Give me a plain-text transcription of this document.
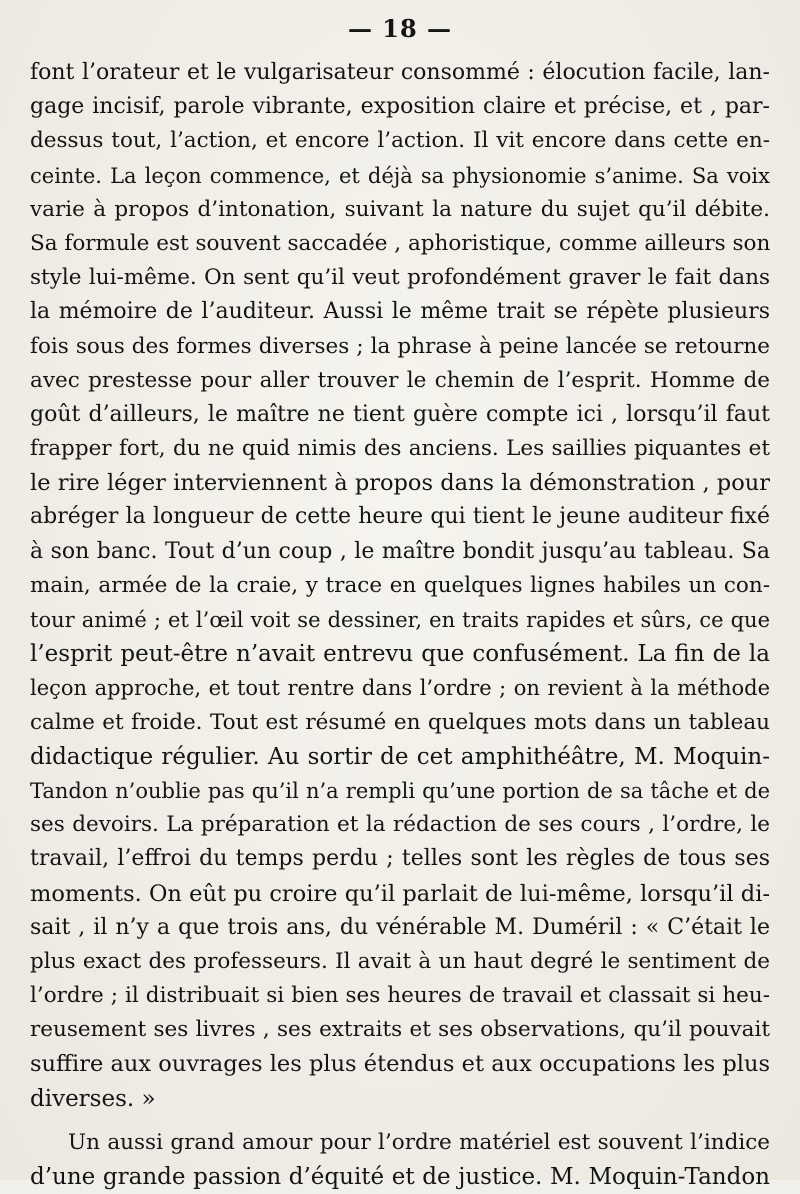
— 18 —
font l’orateur et le vulgarisateur consommé : élocution facile, lan-
gage incisif, parole vibrante, exposition claire et précise, et , par-
dessus tout, l’action, et encore l’action. Il vit encore dans cette en-
ceinte. La leçon commence, et déjà sa physionomie s’anime. Sa voix
varie à propos d’intonation, suivant la nature du sujet qu’il débite.
Sa formule est souvent saccadée , aphoristique, comme ailleurs son
style lui-même. On sent qu’il veut profondément graver le fait dans
la mémoire de l’auditeur. Aussi le même trait se répète plusieurs
fois sous des formes diverses ; la phrase à peine lancée se retourne
avec prestesse pour aller trouver le chemin de l’esprit. Homme de
goût d’ailleurs, le maître ne tient guère compte ici , lorsqu’il faut
frapper fort, du ne quid nimis des anciens. Les saillies piquantes et
le rire léger interviennent à propos dans la démonstration , pour
abréger la longueur de cette heure qui tient le jeune auditeur fixé
à son banc. Tout d’un coup , le maître bondit jusqu’au tableau. Sa
main, armée de la craie, y trace en quelques lignes habiles un con-
tour animé ; et l’œil voit se dessiner, en traits rapides et sûrs, ce que
l’esprit peut-être n’avait entrevu que confusément. La fin de la
leçon approche, et tout rentre dans l’ordre ; on revient à la méthode
calme et froide. Tout est résumé en quelques mots dans un tableau
didactique régulier. Au sortir de cet amphithéâtre, M. Moquin-
Tandon n’oublie pas qu’il n’a rempli qu’une portion de sa tâche et de
ses devoirs. La préparation et la rédaction de ses cours , l’ordre, le
travail, l’effroi du temps perdu ; telles sont les règles de tous ses
moments. On eût pu croire qu’il parlait de lui-même, lorsqu’il di-
sait , il n’y a que trois ans, du vénérable M. Duméril : « C’était le
plus exact des professeurs. Il avait à un haut degré le sentiment de
l’ordre ; il distribuait si bien ses heures de travail et classait si heu-
reusement ses livres , ses extraits et ses observations, qu’il pouvait
suffire aux ouvrages les plus étendus et aux occupations les plus
diverses. »
Un aussi grand amour pour l’ordre matériel est souvent l’indice
d’une grande passion d’équité et de justice. M. Moquin-Tandon
